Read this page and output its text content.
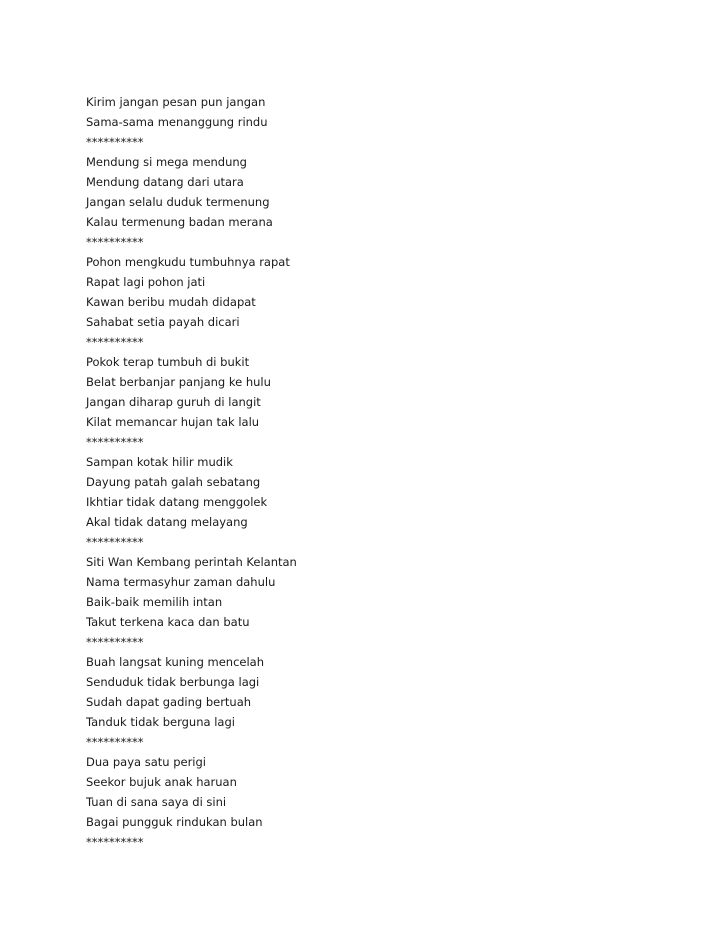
Kirim jangan pesan pun jangan
Sama-sama menanggung rindu
**********
Mendung si mega mendung
Mendung datang dari utara
Jangan selalu duduk termenung
Kalau termenung badan merana
**********
Pohon mengkudu tumbuhnya rapat
Rapat lagi pohon jati
Kawan beribu mudah didapat
Sahabat setia payah dicari
**********
Pokok terap tumbuh di bukit
Belat berbanjar panjang ke hulu
Jangan diharap guruh di langit
Kilat memancar hujan tak lalu
**********
Sampan kotak hilir mudik
Dayung patah galah sebatang
Ikhtiar tidak datang menggolek
Akal tidak datang melayang
**********
Siti Wan Kembang perintah Kelantan
Nama termasyhur zaman dahulu
Baik-baik memilih intan
Takut terkena kaca dan batu
**********
Buah langsat kuning mencelah
Senduduk tidak berbunga lagi
Sudah dapat gading bertuah
Tanduk tidak berguna lagi
**********
Dua paya satu perigi
Seekor bujuk anak haruan
Tuan di sana saya di sini
Bagai pungguk rindukan bulan
**********
